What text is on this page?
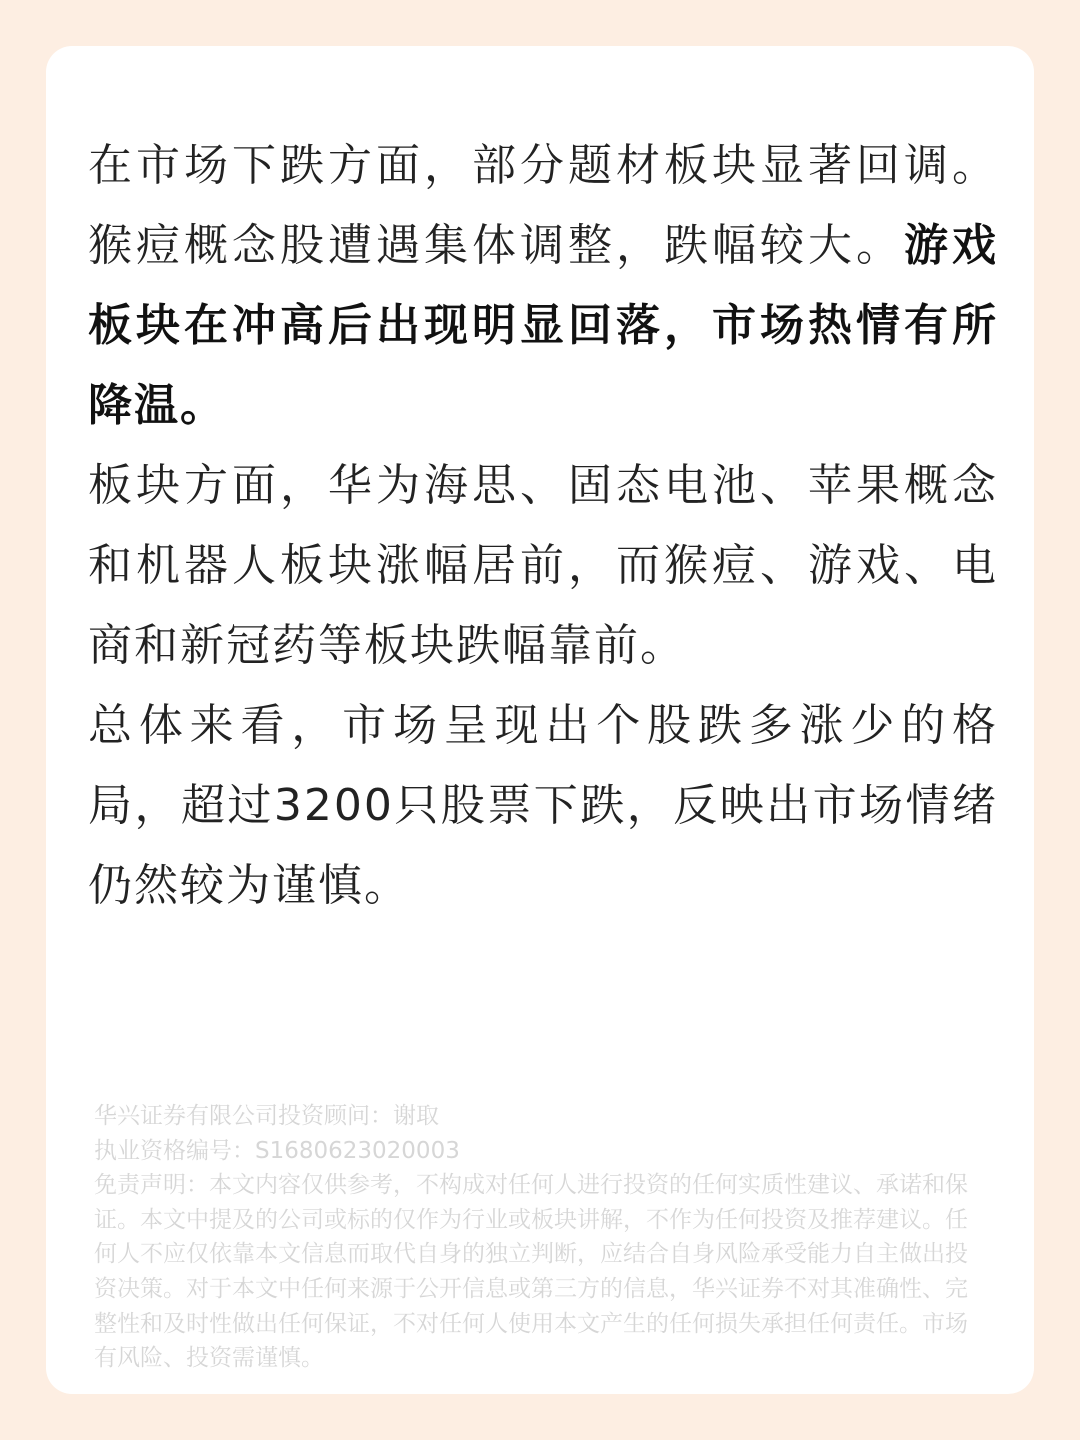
在市场下跌方面，部分题材板块显著回调。猴痘概念股遭遇集体调整，跌幅较大。游戏板块在冲高后出现明显回落，市场热情有所降温。

板块方面，华为海思、固态电池、苹果概念和机器人板块涨幅居前，而猴痘、游戏、电商和新冠药等板块跌幅靠前。

总体来看，市场呈现出个股跌多涨少的格局，超过3200只股票下跌，反映出市场情绪仍然较为谨慎。

华兴证券有限公司投资顾问：谢取

执业资格编号：S1680623020003

免责声明：本文内容仅供参考，不构成对任何人进行投资的任何实质性建议、承诺和保证。本文中提及的公司或标的仅作为行业或板块讲解，不作为任何投资及推荐建议。任何人不应仅依靠本文信息而取代自身的独立判断，应结合自身风险承受能力自主做出投资决策。对于本文中任何来源于公开信息或第三方的信息，华兴证券不对其准确性、完整性和及时性做出任何保证，不对任何人使用本文产生的任何损失承担任何责任。市场有风险、投资需谨慎。
